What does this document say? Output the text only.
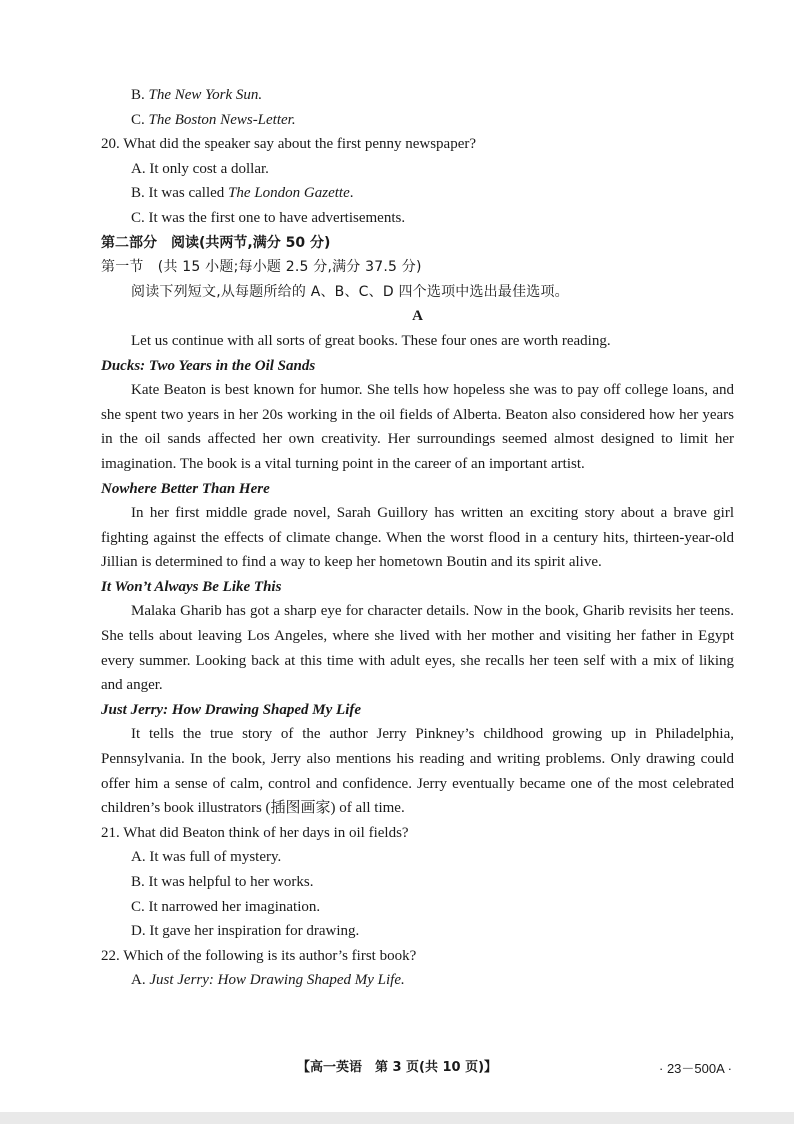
B. The New York Sun.
C. The Boston News-Letter.
20. What did the speaker say about the first penny newspaper?
A. It only cost a dollar.
B. It was called The London Gazette.
C. It was the first one to have advertisements.
第二部分　阅读(共两节,满分 50 分)
第一节　(共 15 小题;每小题 2.5 分,满分 37.5 分)
阅读下列短文,从每题所给的 A、B、C、D 四个选项中选出最佳选项。
A
Let us continue with all sorts of great books. These four ones are worth reading.
Ducks: Two Years in the Oil Sands

Kate Beaton is best known for humor. She tells how hopeless she was to pay off college loans, and she spent two years in her 20s working in the oil fields of Alberta. Beaton also considered how her years in the oil sands affected her own creativity. Her surroundings seemed almost designed to limit her imagination. The book is a vital turning point in the career of an important artist.

Nowhere Better Than Here

In her first middle grade novel, Sarah Guillory has written an exciting story about a brave girl fighting against the effects of climate change. When the worst flood in a century hits, thirteen-year-old Jillian is determined to find a way to keep her hometown Boutin and its spirit alive.

It Won’t Always Be Like This

Malaka Gharib has got a sharp eye for character details. Now in the book, Gharib revisits her teens. She tells about leaving Los Angeles, where she lived with her mother and visiting her father in Egypt every summer. Looking back at this time with adult eyes, she recalls her teen self with a mix of liking and anger.

Just Jerry: How Drawing Shaped My Life

It tells the true story of the author Jerry Pinkney’s childhood growing up in Philadelphia, Pennsylvania. In the book, Jerry also mentions his reading and writing problems. Only drawing could offer him a sense of calm, control and confidence. Jerry eventually became one of the most celebrated children’s book illustrators (插图画家) of all time.

21. What did Beaton think of her days in oil fields?
A. It was full of mystery.
B. It was helpful to her works.
C. It narrowed her imagination.
D. It gave her inspiration for drawing.
22. Which of the following is its author’s first book?
A. Just Jerry: How Drawing Shaped My Life.
【高一英语　第 3 页(共 10 页)】	· 23－500A ·
